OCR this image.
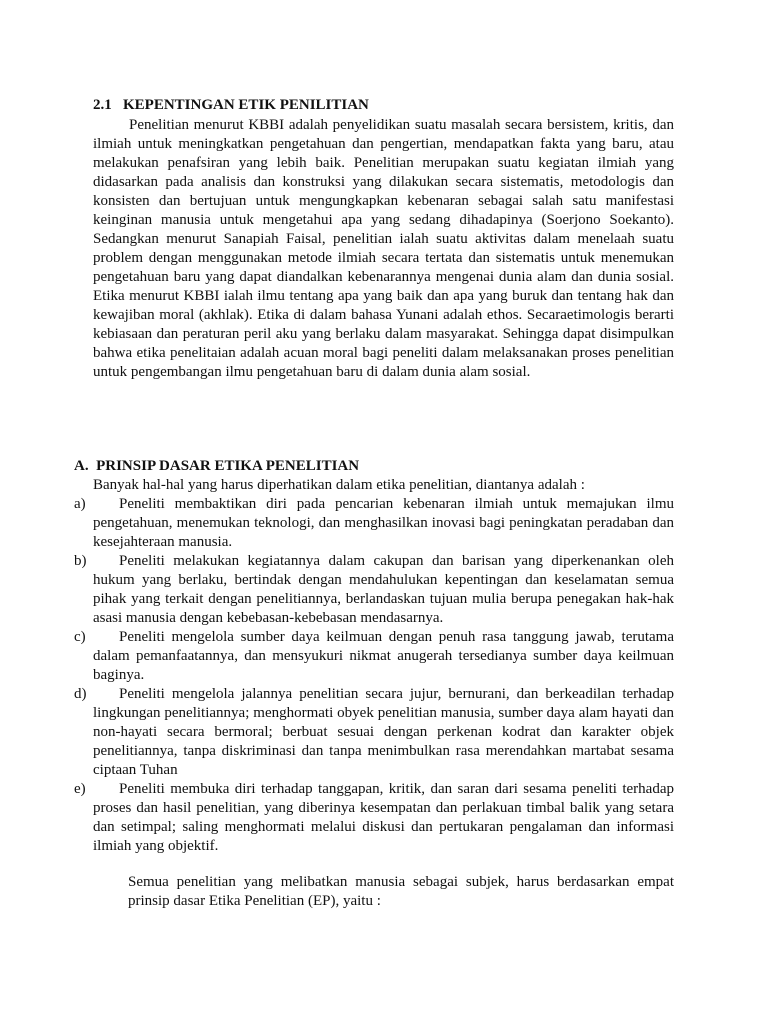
2.1 KEPENTINGAN ETIK PENILITIAN

Penelitian menurut KBBI adalah penyelidikan suatu masalah secara bersistem, kritis, dan ilmiah untuk meningkatkan pengetahuan dan pengertian, mendapatkan fakta yang baru, atau melakukan penafsiran yang lebih baik. Penelitian merupakan suatu kegiatan ilmiah yang didasarkan pada analisis dan konstruksi yang dilakukan secara sistematis, metodologis dan konsisten dan bertujuan untuk mengungkapkan kebenaran sebagai salah satu manifestasi keinginan manusia untuk mengetahui apa yang sedang dihadapinya (Soerjono Soekanto). Sedangkan menurut Sanapiah Faisal, penelitian ialah suatu aktivitas dalam menelaah suatu problem dengan menggunakan metode ilmiah secara tertata dan sistematis untuk menemukan pengetahuan baru yang dapat diandalkan kebenarannya mengenai dunia alam dan dunia sosial. Etika menurut KBBI ialah ilmu tentang apa yang baik dan apa yang buruk dan tentang hak dan kewajiban moral (akhlak). Etika di dalam bahasa Yunani adalah ethos. Secaraetimologis berarti kebiasaan dan peraturan peril aku yang berlaku dalam masyarakat. Sehingga dapat disimpulkan bahwa etika penelitaian adalah acuan moral bagi peneliti dalam melaksanakan proses penelitian untuk pengembangan ilmu pengetahuan baru di dalam dunia alam sosial.

A. PRINSIP DASAR ETIKA PENELITIAN

Banyak hal-hal yang harus diperhatikan dalam etika penelitian, diantanya adalah :

a)	Peneliti membaktikan diri pada pencarian kebenaran ilmiah untuk memajukan ilmu pengetahuan, menemukan teknologi, dan menghasilkan inovasi bagi peningkatan peradaban dan kesejahteraan manusia.
b)	Peneliti melakukan kegiatannya dalam cakupan dan barisan yang diperkenankan oleh hukum yang berlaku, bertindak dengan mendahulukan kepentingan dan keselamatan semua pihak yang terkait dengan penelitiannya, berlandaskan tujuan mulia berupa penegakan hak-hak asasi manusia dengan kebebasan-kebebasan mendasarnya.
c)	Peneliti mengelola sumber daya keilmuan dengan penuh rasa tanggung jawab, terutama dalam pemanfaatannya, dan mensyukuri nikmat anugerah tersedianya sumber daya keilmuan baginya.
d)	Peneliti mengelola jalannya penelitian secara jujur, bernurani, dan berkeadilan terhadap lingkungan penelitiannya; menghormati obyek penelitian manusia, sumber daya alam hayati dan non-hayati secara bermoral; berbuat sesuai dengan perkenan kodrat dan karakter objek penelitiannya, tanpa diskriminasi dan tanpa menimbulkan rasa merendahkan martabat sesama ciptaan Tuhan
e)	Peneliti membuka diri terhadap tanggapan, kritik, dan saran dari sesama peneliti terhadap proses dan hasil penelitian, yang diberinya kesempatan dan perlakuan timbal balik yang setara dan setimpal; saling menghormati melalui diskusi dan pertukaran pengalaman dan informasi ilmiah yang objektif.

Semua penelitian yang melibatkan manusia sebagai subjek, harus berdasarkan empat prinsip dasar Etika Penelitian (EP), yaitu :
